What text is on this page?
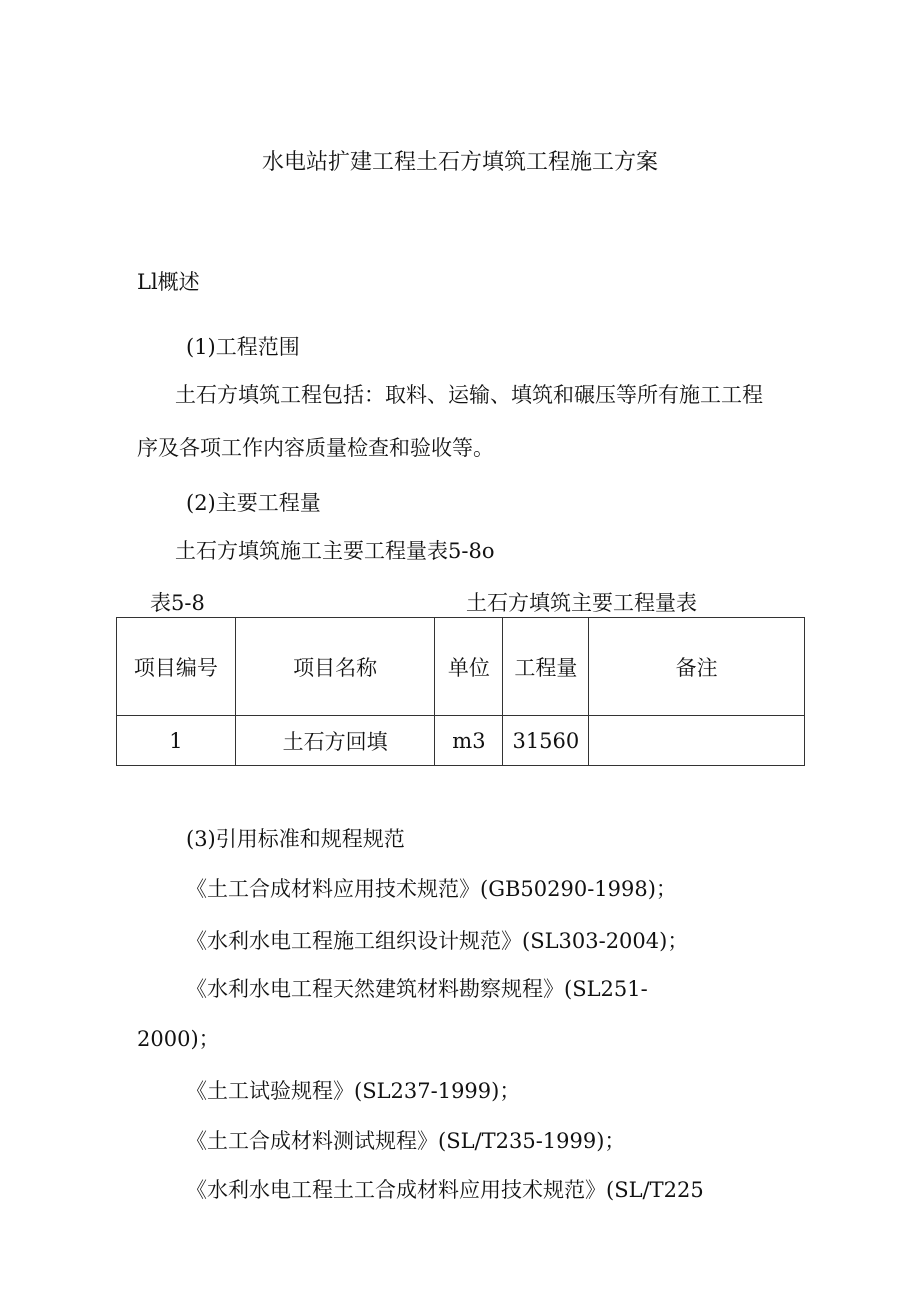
水电站扩建工程土石方填筑工程施工方案
Ll概述
(1)工程范围
土石方填筑工程包括：取料、运输、填筑和碾压等所有施工工程
序及各项工作内容质量检查和验收等。
(2)主要工程量
土石方填筑施工主要工程量表5-8o
表5-8	土石方填筑主要工程量表
项目编号	项目名称	单位	工程量	备注
1	土石方回填	m3	31560	
(3)引用标准和规程规范
《土工合成材料应用技术规范》(GB50290-1998)；
《水利水电工程施工组织设计规范》(SL303-2004)；
《水利水电工程天然建筑材料勘察规程》(SL251-
2000)；
《土工试验规程》(SL237-1999)；
《土工合成材料测试规程》(SL/T235-1999)；
《水利水电工程土工合成材料应用技术规范》(SL/T225
